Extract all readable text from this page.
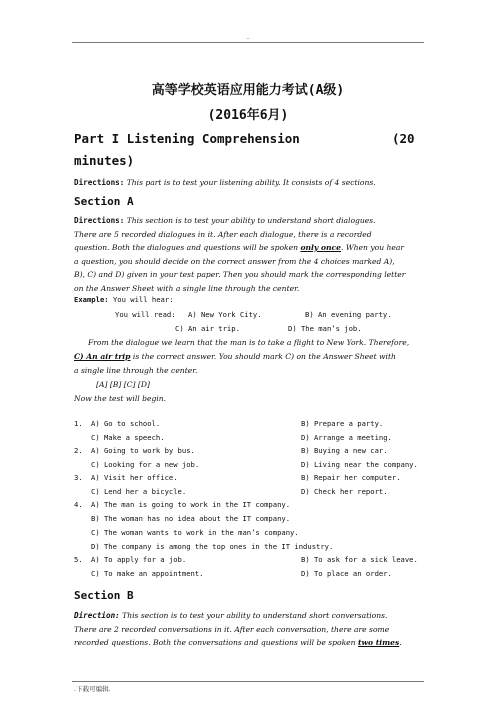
..
高等学校英语应用能力考试(A级)
(2016年6月)
Part I Listening Comprehension	(20
minutes)
Directions: This part is to test your listening ability. It consists of 4 sections.
Section A
Directions: This section is to test your ability to understand short dialogues.
There are 5 recorded dialogues in it. After each dialogue, there is a recorded
question. Both the dialogues and questions will be spoken only once. When you hear
a question, you should decide on the correct answer from the 4 choices marked A),
B), C) and D) given in your test paper. Then you should mark the corresponding letter
on the Answer Sheet with a single line through the center.
Example: You will hear:
You will read: A) New York City.	B) An evening party.
C) An air trip.	D) The man’s job.
From the dialogue we learn that the man is to take a flight to New York. Therefore,
C) An air trip is the correct answer. You should mark C) on the Answer Sheet with
a single line through the center.
[A] [B] [C] [D]
Now the test will begin.
1. A) Go to school.	B) Prepare a party.
C) Make a speech.	D) Arrange a meeting.
2. A) Going to work by bus.	B) Buying a new car.
C) Looking for a new job.	D) Living near the company.
3. A) Visit her office.	B) Repair her computer.
C) Lend her a bicycle.	D) Check her report.
4. A) The man is going to work in the IT company.
B) The woman has no idea about the IT company.
C) The woman wants to work in the man’s company.
D) The company is among the top ones in the IT industry.
5. A) To apply for a job.	B) To ask for a sick leave.
C) To make an appointment.	D) To place an order.
Section B
Direction: This section is to test your ability to understand short conversations.
There are 2 recorded conversations in it. After each conversation, there are some
recorded questions. Both the conversations and questions will be spoken two times.
.下载可编辑.
